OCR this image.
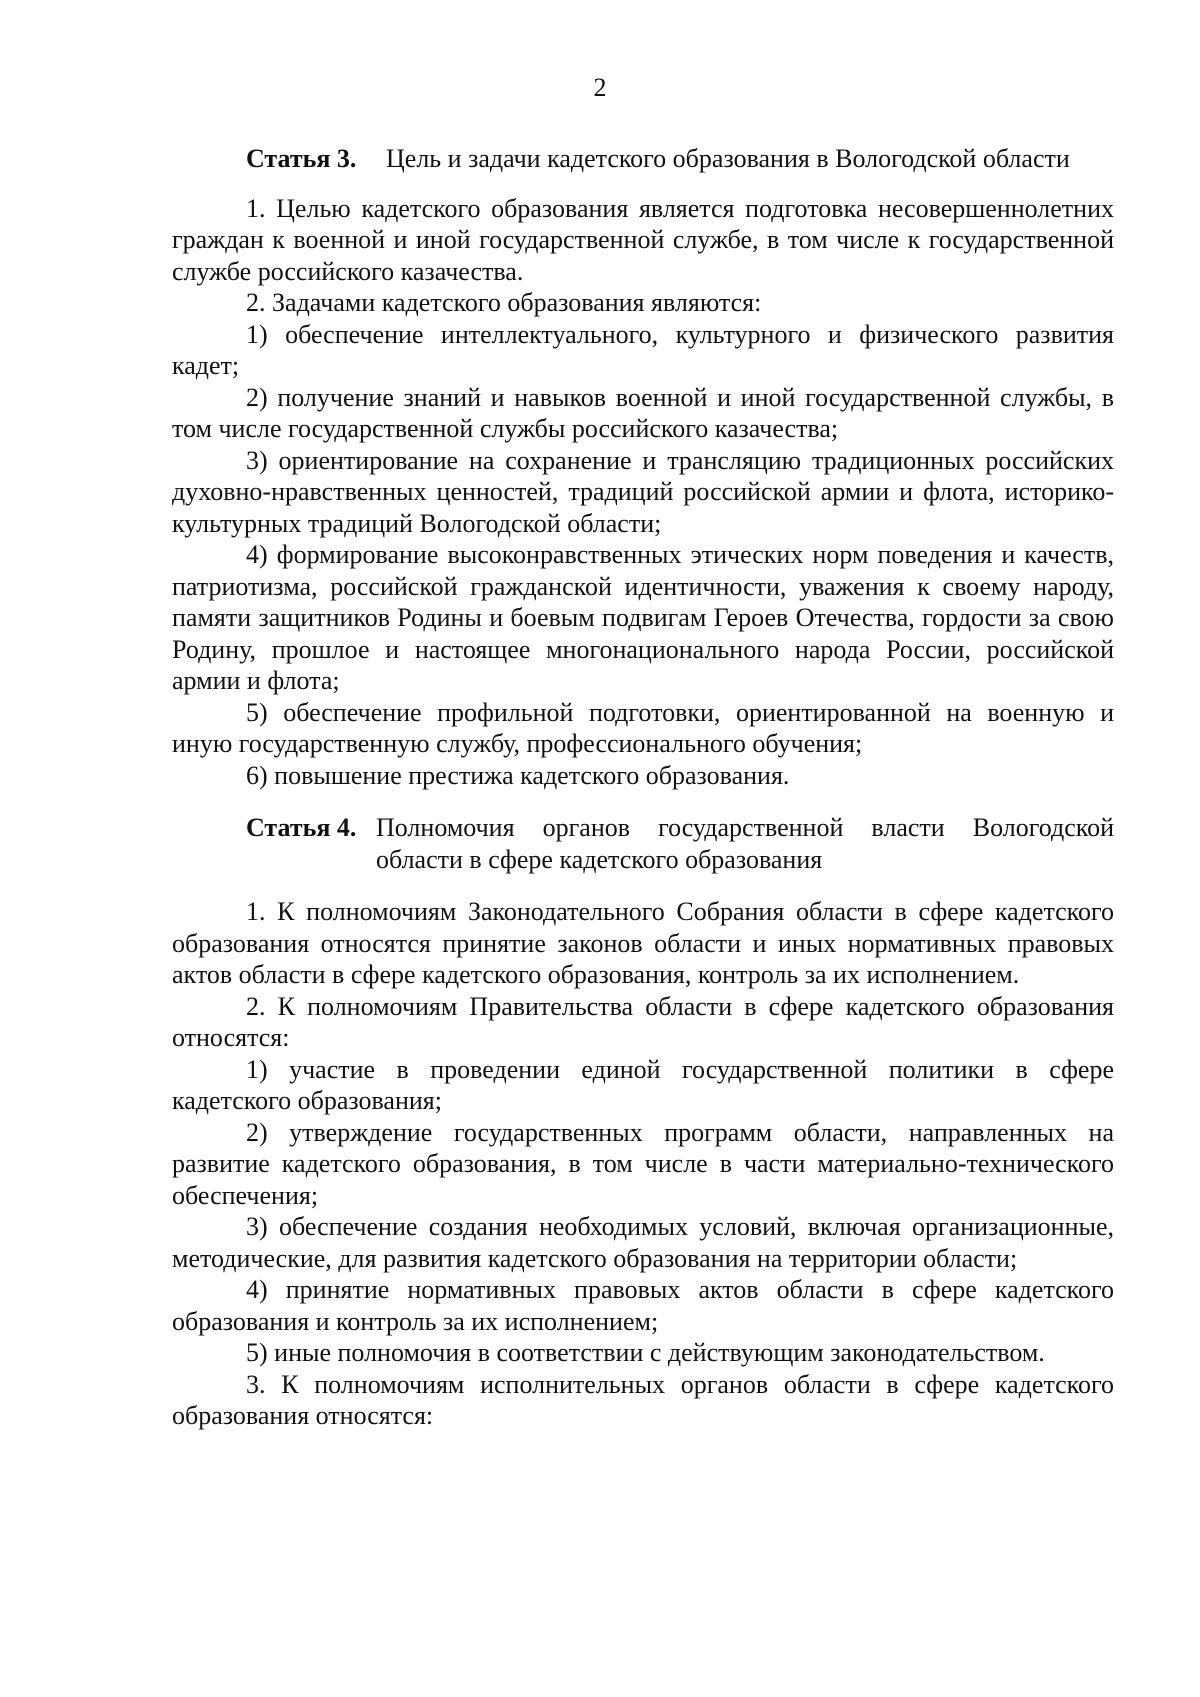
2
Статья 3.	Цель и задачи кадетского образования в Вологодской области

1. Целью кадетского образования является подготовка несовершеннолетних граждан к военной и иной государственной службе, в том числе к государственной службе российского казачества.

2. Задачами кадетского образования являются:

1) обеспечение интеллектуального, культурного и физического развития кадет;

2) получение знаний и навыков военной и иной государственной службы, в том числе государственной службы российского казачества;

3) ориентирование на сохранение и трансляцию традиционных российских духовно-нравственных ценностей, традиций российской армии и флота, историко-культурных традиций Вологодской области;

4) формирование высоконравственных этических норм поведения и качеств, патриотизма, российской гражданской идентичности, уважения к своему народу, памяти защитников Родины и боевым подвигам Героев Отечества, гордости за свою Родину, прошлое и настоящее многонационального народа России, российской армии и флота;

5) обеспечение профильной подготовки, ориентированной на военную и иную государственную службу, профессионального обучения;

6) повышение престижа кадетского образования.

Статья 4. Полномочия органов государственной власти Вологодской области в сфере кадетского образования

1. К полномочиям Законодательного Собрания области в сфере кадетского образования относятся принятие законов области и иных нормативных правовых актов области в сфере кадетского образования, контроль за их исполнением.

2. К полномочиям Правительства области в сфере кадетского образования относятся:

1) участие в проведении единой государственной политики в сфере кадетского образования;

2) утверждение государственных программ области, направленных на развитие кадетского образования, в том числе в части материально-технического обеспечения;

3) обеспечение создания необходимых условий, включая организационные, методические, для развития кадетского образования на территории области;

4) принятие нормативных правовых актов области в сфере кадетского образования и контроль за их исполнением;

5) иные полномочия в соответствии с действующим законодательством.

3. К полномочиям исполнительных органов области в сфере кадетского образования относятся:
